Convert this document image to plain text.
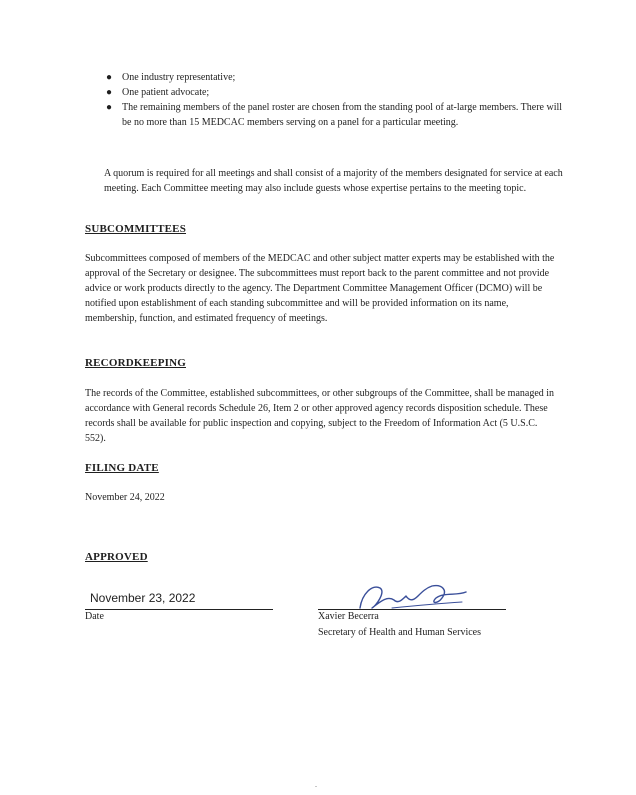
● One industry representative;
● One patient advocate;
● The remaining members of the panel roster are chosen from the standing pool of at-large members. There will be no more than 15 MEDCAC members serving on a panel for a particular meeting.

A quorum is required for all meetings and shall consist of a majority of the members designated for service at each meeting. Each Committee meeting may also include guests whose expertise pertains to the meeting topic.

SUBCOMMITTEES

Subcommittees composed of members of the MEDCAC and other subject matter experts may be established with the approval of the Secretary or designee. The subcommittees must report back to the parent committee and not provide advice or work products directly to the agency. The Department Committee Management Officer (DCMO) will be notified upon establishment of each standing subcommittee and will be provided information on its name, membership, function, and estimated frequency of meetings.

RECORDKEEPING

The records of the Committee, established subcommittees, or other subgroups of the Committee, shall be managed in accordance with General records Schedule 26, Item 2 or other approved agency records disposition schedule. These records shall be available for public inspection and copying, subject to the Freedom of Information Act (5 U.S.C. 552).

FILING DATE

November 24, 2022

APPROVED
November 23, 2022
Date	Xavier Becerra
Secretary of Health and Human Services
-
